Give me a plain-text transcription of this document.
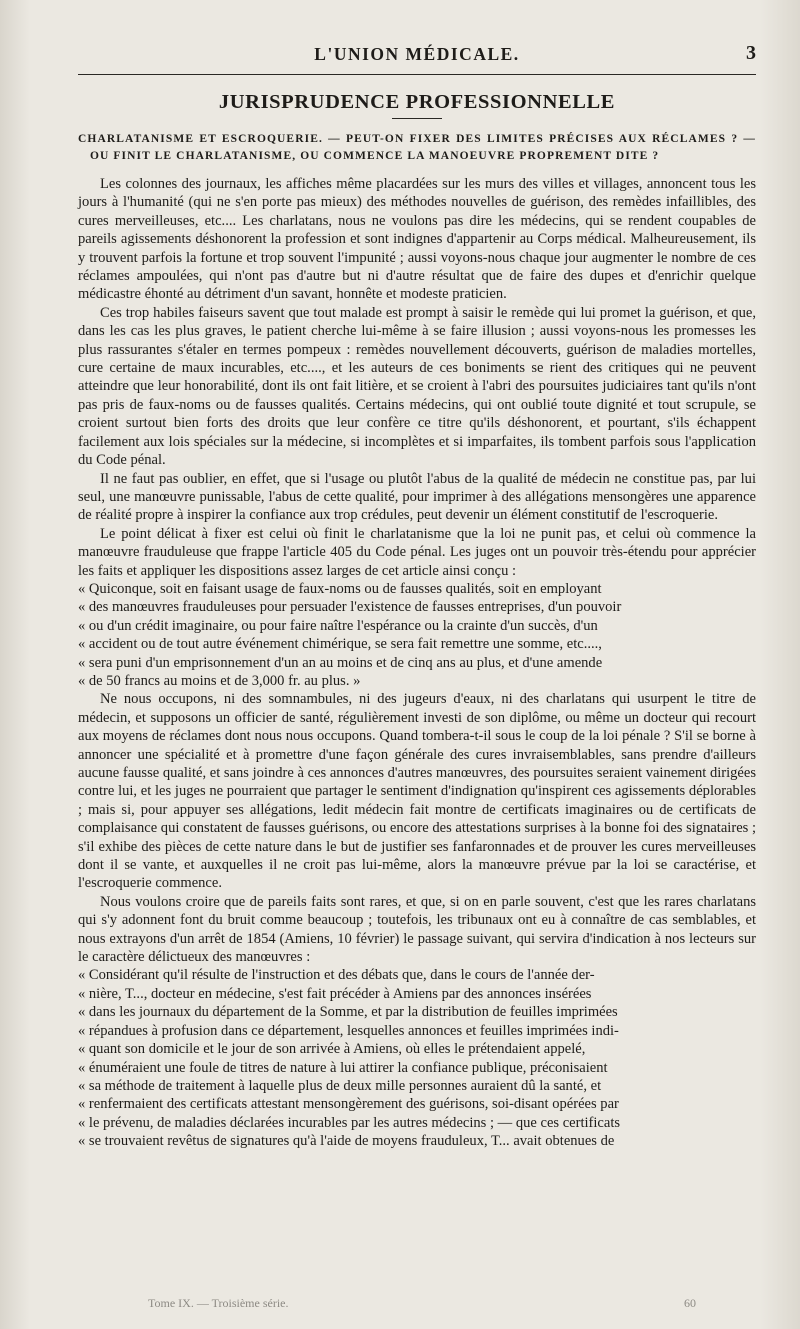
L'UNION MÉDICALE.	3
JURISPRUDENCE PROFESSIONNELLE
CHARLATANISME ET ESCROQUERIE. — PEUT-ON FIXER DES LIMITES PRÉCISES AUX RÉCLAMES ? — OU FINIT LE CHARLATANISME, OU COMMENCE LA MANOEUVRE PROPREMENT DITE ?

Les colonnes des journaux, les affiches même placardées sur les murs des villes et villages, annoncent tous les jours à l'humanité (qui ne s'en porte pas mieux) des méthodes nouvelles de guérison, des remèdes infaillibles, des cures merveilleuses, etc.... Les charlatans, nous ne voulons pas dire les médecins, qui se rendent coupables de pareils agissements déshonorent la profession et sont indignes d'appartenir au Corps médical. Malheureusement, ils y trouvent parfois la fortune et trop souvent l'impunité ; aussi voyons-nous chaque jour augmenter le nombre de ces réclames ampoulées, qui n'ont pas d'autre but ni d'autre résultat que de faire des dupes et d'enrichir quelque médicastre éhonté au détriment d'un savant, honnête et modeste praticien.

Ces trop habiles faiseurs savent que tout malade est prompt à saisir le remède qui lui promet la guérison, et que, dans les cas les plus graves, le patient cherche lui-même à se faire illusion ; aussi voyons-nous les promesses les plus rassurantes s'étaler en termes pompeux : remèdes nouvellement découverts, guérison de maladies mortelles, cure certaine de maux incurables, etc...., et les auteurs de ces boniments se rient des critiques qui ne peuvent atteindre que leur honorabilité, dont ils ont fait litière, et se croient à l'abri des poursuites judiciaires tant qu'ils n'ont pas pris de faux-noms ou de fausses qualités. Certains médecins, qui ont oublié toute dignité et tout scrupule, se croient surtout bien forts des droits que leur confère ce titre qu'ils déshonorent, et pourtant, s'ils échappent facilement aux lois spéciales sur la médecine, si incomplètes et si imparfaites, ils tombent parfois sous l'application du Code pénal.

Il ne faut pas oublier, en effet, que si l'usage ou plutôt l'abus de la qualité de médecin ne constitue pas, par lui seul, une manœuvre punissable, l'abus de cette qualité, pour imprimer à des allégations mensongères une apparence de réalité propre à inspirer la confiance aux trop crédules, peut devenir un élément constitutif de l'escroquerie.

Le point délicat à fixer est celui où finit le charlatanisme que la loi ne punit pas, et celui où commence la manœuvre frauduleuse que frappe l'article 405 du Code pénal. Les juges ont un pouvoir très-étendu pour apprécier les faits et appliquer les dispositions assez larges de cet article ainsi conçu :

« Quiconque, soit en faisant usage de faux-noms ou de fausses qualités, soit en employant

« des manœuvres frauduleuses pour persuader l'existence de fausses entreprises, d'un pouvoir

« ou d'un crédit imaginaire, ou pour faire naître l'espérance ou la crainte d'un succès, d'un

« accident ou de tout autre événement chimérique, se sera fait remettre une somme, etc....,

« sera puni d'un emprisonnement d'un an au moins et de cinq ans au plus, et d'une amende

« de 50 francs au moins et de 3,000 fr. au plus. »

Ne nous occupons, ni des somnambules, ni des jugeurs d'eaux, ni des charlatans qui usurpent le titre de médecin, et supposons un officier de santé, régulièrement investi de son diplôme, ou même un docteur qui recourt aux moyens de réclames dont nous nous occupons. Quand tombera-t-il sous le coup de la loi pénale ? S'il se borne à annoncer une spécialité et à promettre d'une façon générale des cures invraisemblables, sans prendre d'ailleurs aucune fausse qualité, et sans joindre à ces annonces d'autres manœuvres, des poursuites seraient vainement dirigées contre lui, et les juges ne pourraient que partager le sentiment d'indignation qu'inspirent ces agissements déplorables ; mais si, pour appuyer ses allégations, ledit médecin fait montre de certificats imaginaires ou de certificats de complaisance qui constatent de fausses guérisons, ou encore des attestations surprises à la bonne foi des signataires ; s'il exhibe des pièces de cette nature dans le but de justifier ses fanfaronnades et de prouver les cures merveilleuses dont il se vante, et auxquelles il ne croit pas lui-même, alors la manœuvre prévue par la loi se caractérise, et l'escroquerie commence.

Nous voulons croire que de pareils faits sont rares, et que, si on en parle souvent, c'est que les rares charlatans qui s'y adonnent font du bruit comme beaucoup ; toutefois, les tribunaux ont eu à connaître de cas semblables, et nous extrayons d'un arrêt de 1854 (Amiens, 10 février) le passage suivant, qui servira d'indication à nos lecteurs sur le caractère délictueux des manœuvres :

« Considérant qu'il résulte de l'instruction et des débats que, dans le cours de l'année der-

« nière, T..., docteur en médecine, s'est fait précéder à Amiens par des annonces insérées

« dans les journaux du département de la Somme, et par la distribution de feuilles imprimées

« répandues à profusion dans ce département, lesquelles annonces et feuilles imprimées indi-

« quant son domicile et le jour de son arrivée à Amiens, où elles le prétendaient appelé,

« énuméraient une foule de titres de nature à lui attirer la confiance publique, préconisaient

« sa méthode de traitement à laquelle plus de deux mille personnes auraient dû la santé, et

« renfermaient des certificats attestant mensongèrement des guérisons, soi-disant opérées par

« le prévenu, de maladies déclarées incurables par les autres médecins ; — que ces certificats

« se trouvaient revêtus de signatures qu'à l'aide de moyens frauduleux, T... avait obtenues de

Tome IX. — Troisième série.	60
